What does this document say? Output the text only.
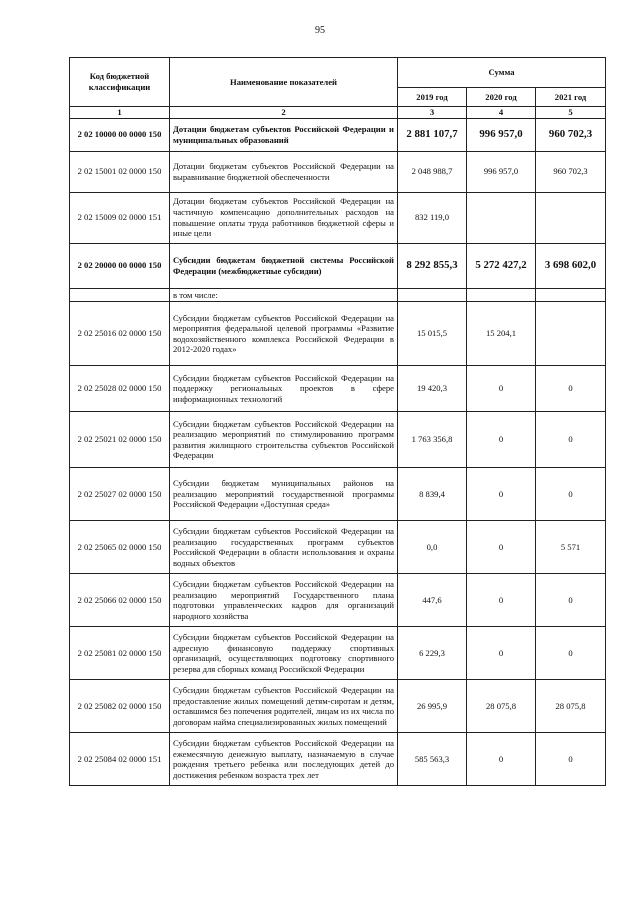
95
Код бюджетной классификации	Наименование показателей	Сумма		
		2019 год	2020 год	2021 год
1	2	3	4	5
2 02 10000 00 0000 150	Дотации бюджетам субъектов Российской Федерации и муниципальных образований	2 881 107,7	996 957,0	960 702,3
2 02 15001 02 0000 150	Дотации бюджетам субъектов Российской Федерации на выравнивание бюджетной обеспеченности	2 048 988,7	996 957,0	960 702,3
2 02 15009 02 0000 151	Дотации бюджетам субъектов Российской Федерации на частичную компенсацию дополнительных расходов на повышение оплаты труда работников бюджетной сферы и иные цели	832 119,0		
2 02 20000 00 0000 150	Субсидии бюджетам бюджетной системы Российской Федерации (межбюджетные субсидии)	8 292 855,3	5 272 427,2	3 698 602,0
	в том числе:			
2 02 25016 02 0000 150	Субсидии бюджетам субъектов Российской Федерации на мероприятия федеральной целевой программы «Развитие водохозяйственного комплекса Российской Федерации в 2012-2020 годах»	15 015,5	15 204,1	
2 02 25028 02 0000 150	Субсидии бюджетам субъектов Российской Федерации на поддержку региональных проектов в сфере информационных технологий	19 420,3	0	0
2 02 25021 02 0000 150	Субсидии бюджетам субъектов Российской Федерации на реализацию мероприятий по стимулированию программ развития жилищного строительства субъектов Российской Федерации	1 763 356,8	0	0
2 02 25027 02 0000 150	Субсидии бюджетам муниципальных районов на реализацию мероприятий государственной программы Российской Федерации «Доступная среда»	8 839,4	0	0
2 02 25065 02 0000 150	Субсидии бюджетам субъектов Российской Федерации на реализацию государственных программ субъектов Российской Федерации в области использования и охраны водных объектов	0,0	0	5 571
2 02 25066 02 0000 150	Субсидии бюджетам субъектов Российской Федерации на реализацию мероприятий Государственного плана подготовки управленческих кадров для организаций народного хозяйства	447,6	0	0
2 02 25081 02 0000 150	Субсидии бюджетам субъектов Российской Федерации на адресную финансовую поддержку спортивных организаций, осуществляющих подготовку спортивного резерва для сборных команд Российской Федерации	6 229,3	0	0
2 02 25082 02 0000 150	Субсидии бюджетам субъектов Российской Федерации на предоставление жилых помещений детям-сиротам и детям, оставшимся без попечения родителей, лицам из их числа по договорам найма специализированных жилых помещений	26 995,9	28 075,8	28 075,8
2 02 25084 02 0000 151	Субсидии бюджетам субъектов Российской Федерации на ежемесячную денежную выплату, назначаемую в случае рождения третьего ребенка или последующих детей до достижения ребенком возраста трех лет	585 563,3	0	0
